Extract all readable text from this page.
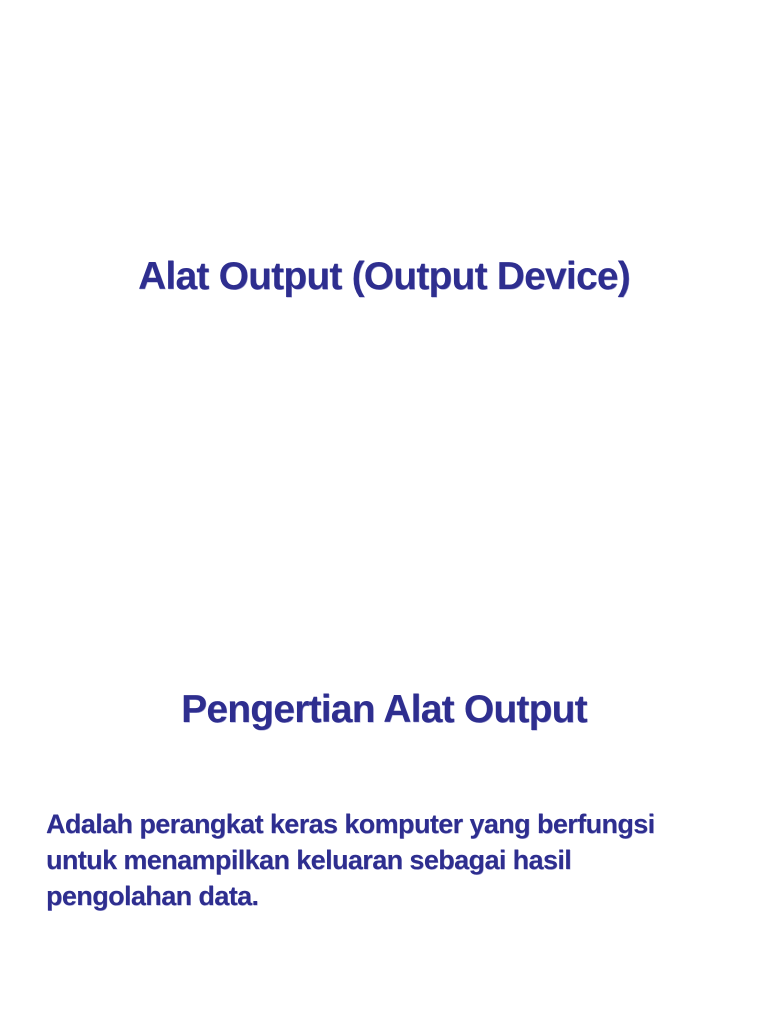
Alat Output (Output Device)
Pengertian Alat Output

Adalah perangkat keras komputer yang berfungsi
untuk menampilkan keluaran sebagai hasil
pengolahan data.
